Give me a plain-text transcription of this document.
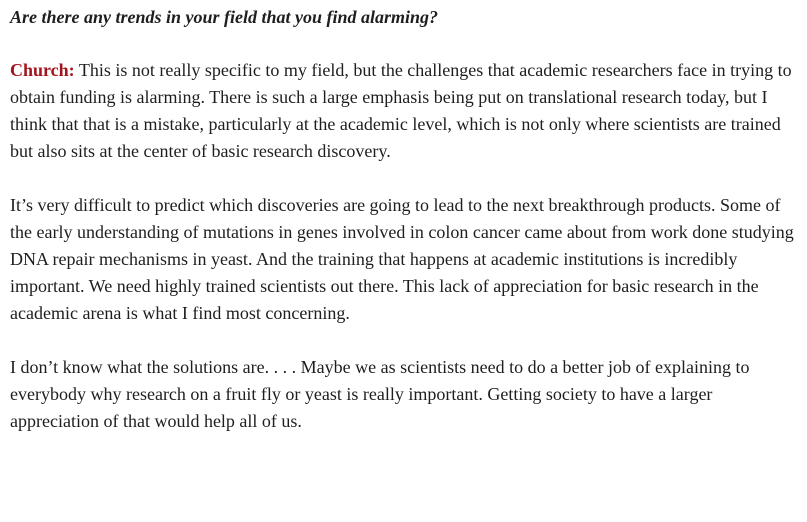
Are there any trends in your field that you find alarming?

Church: This is not really specific to my field, but the challenges that academic researchers face in trying to obtain funding is alarming. There is such a large emphasis being put on translational research today, but I think that that is a mistake, particularly at the academic level, which is not only where scientists are trained but also sits at the center of basic research discovery.

It’s very difficult to predict which discoveries are going to lead to the next breakthrough products. Some of the early understanding of mutations in genes involved in colon cancer came about from work done studying DNA repair mechanisms in yeast. And the training that happens at academic institutions is incredibly important. We need highly trained scientists out there. This lack of appreciation for basic research in the academic arena is what I find most concerning.

I don’t know what the solutions are. . . . Maybe we as scientists need to do a better job of explaining to everybody why research on a fruit fly or yeast is really important. Getting society to have a larger appreciation of that would help all of us.
